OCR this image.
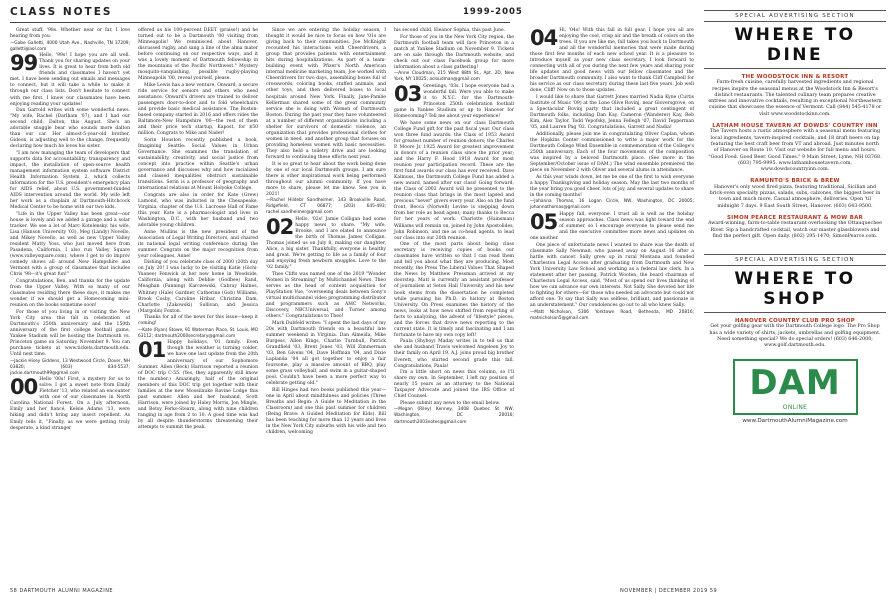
CLASS NOTES	1999-2005

Great stuff, '98s. Whether near or far, I love hearing from you.

—Gabe Galletti, 4000 Utah Ave., Nashville, TN 37209; galletti@aol.com

99 Hello, '99s! I hope you are all well. Thank you for sharing updates on your lives. It is great to hear from both old friends and classmates I haven't yet met. I have been sending out emails and messages to connect, but it will take a while to make it through our class lists. Don't hesitate to connect with me first. I know our classmates have been enjoying reading your updates!

Dan Garrold writes with some wonderful news. "My wife, Rachel (Darlham '07), and I had our second child, Dalton, this August. She's an adorable snuggle bear who sounds more dalton than our car. Her almost-5-year-old brother, Gideon, is adjusting well to the change, frequently declaring how much he loves his sister.

"I am now managing the team of developers that supports data for accountability, transparency and impact, the installation of open-source health management information system software District Health Information System 2, which collects information for the U.S. president's emergency plan for AIDS relief, about U.S. government-funded AIDS intervention around the world. My wife left her work as a chaplain at Dartmouth-Hitchcock Medical Center to be home with our two kids.

"Life in the Upper Valley has been great—our house is lovely and we added a garage and a solar tracker. We see a lot of Marc Kotelensky, his wife, Lisa (Hanson University '03), Meg (Landy) Novello, and Mikey Novello, as well as new Upper Valley resident Matty Yoss, who just moved here from Pasadena, California. I also run Valley Square (www.valleysquare.com), where I get to do improv comedy shows all around New Hampshire and Vermont with a group of classmates that includes Chris '98—it's great fun!"

Congratulations, Ben, and thanks for the update from the Upper Valley. With so many of our classmates residing there these days, it makes me wonder if we should get a Homecoming mini-reunion on the books sometime soon!

For those of you living in or visiting the New York City area this fall in celebration of Dartmouth's 250th anniversary and the 150th anniversary of the first college football game, Yankee Stadium will be hosting the Dartmouth vs. Princeton game on Saturday, November 9. You can purchase tickets at www.tickets.dartmouth.edu. Until next time.

—Jackie Hisey Giddens, 13 Westwood Circle, Dover, NH 03820; (603) 834-5537; jackie.dartmouth99@gmail.com

00 Hello '00s! First, a mystery for us to solve: I got a sweet note from Emily Fletcher '13, who related an encounter with one of our classmates in North Carolina National Forest. On a July afternoon, Emily and her fiancé, Kelsie Adams '13, were hiking and didn't bring any insect repellent. As Emily tells it, "Finally, as we were getting truly desperate, a kind stranger

offered us his 100-percent DEET (praise!) and he turned out to be a Dartmouth '00 visiting from Minneapolis! We reminisced about Hanover, discussed rugby, and sang a line of the alma mater before continuing on our respective ways, and it was a lovely moment of Dartmouth fellowship in the mountains of the Pacific Northwest." Mystery mosquito-vanquishing, possible rugby-playing Minneapolis '00, reveal yourself, please.

Mike Lewis has a new venture, Onward, a secure ride service for seniors and others who need assistance. Onward's drivers are trained to deliver passengers door-to-door and to fold wheelchairs and provide basic medical assistance. The Boston-based company started in 2016 and offers rides the Baltimore-New Hampshire '00—the rest of them and their price tech startup, Kapost, for $50 million, Congrats to Mike and Nader!

Sorin Houston recently published a book, Imagining Seattle: Social Values in Urban Governance. She examines the translation of sustainability, creativity, and social justice from concept into practice within Seattle's urban governance and discusses why and how racialized and classed inequalities obstruct sustainable transitions. Serin is a professor of geography and international relations at Mount Holyoke College.

Congrats are also in order for Kate (Grew) Lamond, who was inducted in the Chesapeake, Virginia, chapter of the U.S. Lacrosse Hall of Fame this year. Kate is a pharmacologist and lives in Washington, D.C., with her husband and two adorable young children.

Anne Mullins is the new president of the Association of Legal Writing Directors, and chaired its national legal writing conference during the summer. Congrats on the major recognition from your colleagues, Anne!

Dishing of you celebrate class of 2000 (20th day on July 20! I was lucky to be visiting Katie (Gichi-Yuanee) Fenwick at her new home in Woodside, California, along with Debbie (Godbee) Rand, Meaghan (Fanning) Karczewski, Cabray Haines, Whitney (Hale) Gardner, Catherine (Gob) Williams, Brook Cosby, Caroline Hribar, Christina Dam, Charlotte (Zakowski) Sullivan, and Jessica (Margolin) Foxton.

Thanks for all of the news for this issue—keep it coming!

—Kate (Ryan) Stowe, 91 Waterman Place, St. Louis, MO 63112; dartmouth2000secretary@gmail.com

01 Happy holidays, '01 family. Even though the weather is turning colder, we have one last update from the 20th anniversary of our Sophomore Summer. Allen (Beck) Harrison reported a reunion of DOC trip C-55. (Yes, they apparently still know the number.) Amazingly, half of the original members of this DOC trip got together with their families at the new Moosilauke Ravine Lodge this past summer. Allen and her husband, Scott Harrison, were joined by Haley Morris, Jon Mingle, and Betsy Ferko-Stearn, along with nine children ranging in age from 2 to 10. A good time was had by all despite thunderstorms threatening their attempts to summit the peak.

Since we are entering the holiday season, I thought it would be nice to focus on how '01s are giving back to their communities. Joe McKnight recounted his interactions with Cheerdrivers, a group that provides patients with entertainment hits during hospitalizations. As part of a team-building event with Pfizer's North American internal medicine marketing team, Joe worked with Cheerdrivers for two days, assembling boxes full of crosswords, coloring books, stuffed animals, and other toys, and then delivered boxes to local hospitals around New York. Finally, Jane-Pamlie Kellerman shared some of the great community service she is doing with Women of Dartmouth Boston. During the past year they have volunteered at a number of different organizations including a shelter for survivors of domestic violence, an organization that provides professional clothes for women in need, and another group that focuses on providing homeless women with basic necessities. They also held a toiletry drive and are looking forward to continuing these efforts next year.

It is so great to hear about the work being done by one of our local Dartmouth groups. I am sure there is other inspirational work being performed throughout our alumni community. If you have more to share, please let me know. See you in 2021!

—Rachel Hildebr Sandheimer, 143 Brookville Road, Ridgefield, CT 06877; (203) 645-493; rachel.sandheimer@gmail.com

02 Hello, '02s! Jamie Colligan had some happy news to share. "My wife, Brooke, and I are elated to announce the birth of Thomas James Colligan. Thomas joined us on July 8, making our daughter, Alice, a big sister. Thankfully, everyone is healthy and great. We're getting to life as a family of four and enjoying fresh newborn snuggles. Love to the '02 family."

Theo Clifts was named one of the 2019 "Wonder Women in Streaming" by Multichannel News. Theo serves as the head of content acquisition for PlayStation Vue, "overseeing deals between Sony's virtual multichannel video programming distributor and programmers such as AMC Networks, Discovery, NBCUniversal, and Turner among others." Congratulations to Theo!

Mark Dubfeld writes: "I spent the last days of my 20s with Dartmouth friends on a beautiful late summer weekend in Virginia. Dan Almeida, Mike Burgess, Allen Kings, Charlie Turnbull, Patrick Grandfield '03, Brent Jones '03, Will Zimmerman '03, Ben Givens '04, Dave Hoffman '04, and Dixie Laplanda '04 all got together to enjoy a fair foursome, play a massive amount of BBQ, play some grass volleyball, and swim in a guitar-shaped pool. Couldn't have been a more perfect way to celebrate getting old."

Bill Hinges had two books published this year—one in April about mindfulness and policies (Three Breaths and Begin: A Guide to Meditation in the Classroom) and one this past summer for children (Being Brave: A Guided Meditation for Kids). Bill has been teaching for more than 12 years and lives in the New York City suburbs with his wife and two children, welcoming

his second child, Eleanor Sophia, this past June.

For those of you in the New York City region, the Dartmouth football team will face Princeton in a match at Yankee Stadium on November 9. Tickets are on sale through the Dartmouth website, and check out our class Facebook group for more information about a class gathering!

—Anne Cloudman, 215 West 88th St., Apt. 2D, New York, NY 10025; acloudman@gmail.com

03 Greetings, '03s. I hope everyone had a wonderful fall. Were you able to make it to N.Y.C. for the Dartmouth-Princeton 250th celebration football game in Yankee Stadium or up to Hanover for Homecoming? Tell me about your experience!

We have some news on our class Dartmouth College Fund gift for the past fiscal year. Our class won three fund awards: the Class of 1953 Award for greatest number of reunion donors; the Charles P. Moore Jr. 1925 Award for greatest improvement in donors of a reunion class since the prior year; and the Harry F. Hood 1918 Award for most reunion year participation record. These are the first fund awards our class has ever received. Dave Kalmuss, the Dartmouth College Fund has added a new award, named after our class! Going forward, the Class of 2003 Award will be presented to the reunion class that brings in the most lapsed and previous "never" givers every year. Also on the fund front, Becca (Norwell) Levine is stepping down from her role as head agent; many thanks to Becca for her years of work. Charlotte (Hainsman) Williams will remain on, joined by John Apostolides, John Robinson, and me as co-head agents, to lead our class into our 20th reunion.

One of the most parts about being class secretary is receiving copies of books our classmates have written so that I can read them and tell you about what they are producing. Most recently, the Press The Liberal Values That Shaped the News by Matthew Pressman arrived at my doorstep. Matt is currently an assistant professor of journalism at Seton Hall University and his new book stems from the dissertation he completed while pursuing his Ph.D. in history at Boston University. On Press examines the history of the news, looks at how news shifted from reporting of facts to analyzing, the advent of "lifestyle" pieces, and the forces that drove news reporting to the current state. It is timely and fascinating and I am fortunate to have my own copy left!

Paula (Shyboy) Maday writes in to tell us that she and husband Travis welcomed Angeleen Joy to their family on April 19. A.J. joins proud big brother Everett, who started second grade this fall. Congratulations, Paula!

I'm a little short on news this column, so I'll share my own. In September, I left my position of nearly 15 years as an attorney to the National Taxpayer Advocate and joined the IRS Office of Chief Counsel.

Please submit any news to the email below.

—Megan (Riley) Kenney, 3408 Quebec St. NW, Washington, DC 20016; dartmouth2003notes@gmail.com

04 Hi, '04s! With this fall in full gear, I hope you all are enjoying the cool, crisp air and the breath of colors on the trees. If you are like me, fall takes you back to Dartmouth and all the wonderful memories that were made during those first few months of each new school year. It is a pleasure to introduce myself as your new class secretary. I look forward to connecting with all of you during the next few years and sharing your life updates and good news with our fellow classmates and the broader Dartmouth community. I also want to thank Cliff Campbell for his service as our class secretary during these last five years. Job well done, Cliff! Now on to those updates.

I would like to share that Garrett Jones married Nadia Kyne (Curtis Institute of Music '09) at the Lone Olive Rovinj, near Gloversgrove, on a Spectacular Rovinj party that included a great contingent of Dartmouth folks, including Dan Kay, Cameron (Wanderer) Kay, Reb Kim, Alex Taylor, Todd Yepofsky, Jenna Fellegh '07, David Tepperman '05, and Lauren Pag '02. Congratulations, Garrett and Nadia!

Additionally, please join me in congratulating Oliver Caplan, whom the Hopkins Center commissioned to write a major work for the Dartmouth College Wind Ensemble in commemoration of the College's 250th anniversary. Each of the four movements of the composition was inspired by a beloved Dartmouth place. (See more in the September/October issue of DAM.) The wind ensemble premiered the piece on November 2 with Oliver and several alums in attendance.

As this year winds down, let me be one of the first to wish everyone a happy Thanksgiving and holiday season. May the last two months of the year bring you good cheer, lots of joy, and several updates to share in the coming months!

—Johanna Thomas, 16 Logan Circle, NW, Washington, DC 20005; johannathomas@gmail.com

05 Happy fall, everyone. I trust all is well as the holiday season approaches. Class news was light toward the end of summer, so I encourage everyone to please send me and the executive committee more news and updates on one another.

One piece of unfortunate news I wanted to share was the death of classmate Sally Newman, who passed away on August 16 after a battle with cancer. Sally grew up in rural Montana and founded Charleston Legal Access after graduating from Dartmouth and New York University Law School and working as a federal law clerk. In a statement after her passing, Patrick Wooten, the board chairman of Charleston Legal Access, said, "Most of us spend our lives thinking of how we can advance our own interests. Not Sally. She devoted her life to fighting for others—for those who needed an advocate but could not afford one. To say that Sally was selfless, brilliant, and passionate is an understatement." Our condolences go out to all who knew Sally.

—Matt Nicholson, 5306 Yorktown Road, Bethesda, MD 20816; matnicholson5@gmail.com

58 DARTMOUTH ALUMNI MAGAZINE	NOVEMBER | DECEMBER 2019 59
SPECIAL ADVERTISING SECTION
WHERE TO DINE
THE WOODSTOCK INN & RESORT
Farm-fresh cuisine, carefully harvested ingredients and regional recipes inspire the seasonal menus at the Woodstock Inn & Resort's distinct restaurants. The talented culinary team prepares creative entrées and innovative cocktails, resulting in exceptional Northeastern cuisine that showcases the essence of Vermont. Call (844) 545-4178 or visit www.woodstockinn.com.
LATHAM HOUSE TAVERN AT DOWDS' COUNTRY INN
The Tavern hosts a rustic atmosphere with a seasonal menu featuring local ingredients, tavern-inspired cocktails, and 18 draft beers on tap featuring the best craft beer from VT and abroad. Just minutes north of Hanover on Route 10. Visit our website for full menu and hours. "Good Food. Good Beer. Good Times." 9 Main Street, Lyme, NH 03768. (603) 795-9995. www.lathamhousetavern.com, www.dowdscountryinn.com.
RAMUNTO'S BRICK & BREW
Hanover's only wood fired pizza, featuring traditional, Sicilian and brick-oven specialty pizzas, salads, subs, calzones, the biggest beer in town and much more. Casual atmosphere, deliveries. Open 'til midnight 7 days. 9 East South Street, Hanover. (603) 643-9500.
SIMON PEARCE RESTAURANT & MOW BAR
Award-winning, farm-to-table restaurant overlooking the Ottauquechee River. Sip a handcrafted cocktail, watch our master glassblowers and find the perfect gift. Open daily. (802) 295-1470; SimonPearce.com.
SPECIAL ADVERTISING SECTION
WHERE TO SHOP
HANOVER COUNTRY CLUB PRO SHOP
Get your golfing gear with the Dartmouth College logo. The Pro Shop has a wide variety of shirts, jackets, umbrellas and golfing equipment. Need something special? We do special orders! (603) 646-2000; www.golf.dartmouth.edu.
DAM
ONLINE
www.DartmouthAlumniMagazine.com
